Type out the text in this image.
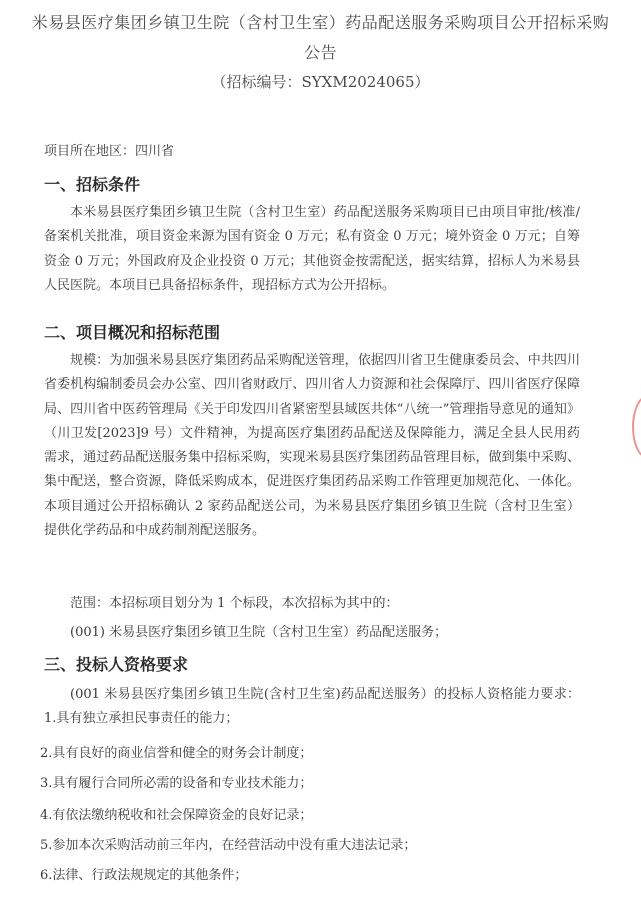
米易县医疗集团乡镇卫生院（含村卫生室）药品配送服务采购项目公开招标采购公告
（招标编号：SYXM2024065）
项目所在地区：四川省
一、招标条件
本米易县医疗集团乡镇卫生院（含村卫生室）药品配送服务采购项目已由项目审批/核准/备案机关批准，项目资金来源为国有资金 0 万元；私有资金 0 万元；境外资金 0 万元；自筹资金 0 万元；外国政府及企业投资 0 万元；其他资金按需配送，据实结算，招标人为米易县人民医院。本项目已具备招标条件，现招标方式为公开招标。
二、项目概况和招标范围
规模：为加强米易县医疗集团药品采购配送管理，依据四川省卫生健康委员会、中共四川省委机构编制委员会办公室、四川省财政厅、四川省人力资源和社会保障厅、四川省医疗保障局、四川省中医药管理局《关于印发四川省紧密型县域医共体“八统一”管理指导意见的通知》（川卫发[2023]9 号）文件精神，为提高医疗集团药品配送及保障能力，满足全县人民用药需求，通过药品配送服务集中招标采购，实现米易县医疗集团药品管理目标，做到集中采购、集中配送，整合资源，降低采购成本，促进医疗集团药品采购工作管理更加规范化、一体化。本项目通过公开招标确认 2 家药品配送公司，为米易县医疗集团乡镇卫生院（含村卫生室）提供化学药品和中成药制剂配送服务。
范围：本招标项目划分为 1 个标段，本次招标为其中的：
(001) 米易县医疗集团乡镇卫生院（含村卫生室）药品配送服务；
三、投标人资格要求
(001 米易县医疗集团乡镇卫生院(含村卫生室)药品配送服务）的投标人资格能力要求：1.具有独立承担民事责任的能力；
2.具有良好的商业信誉和健全的财务会计制度；
3.具有履行合同所必需的设备和专业技术能力；
4.有依法缴纳税收和社会保障资金的良好记录；
5.参加本次采购活动前三年内，在经营活动中没有重大违法记录；
6.法律、行政法规规定的其他条件；
